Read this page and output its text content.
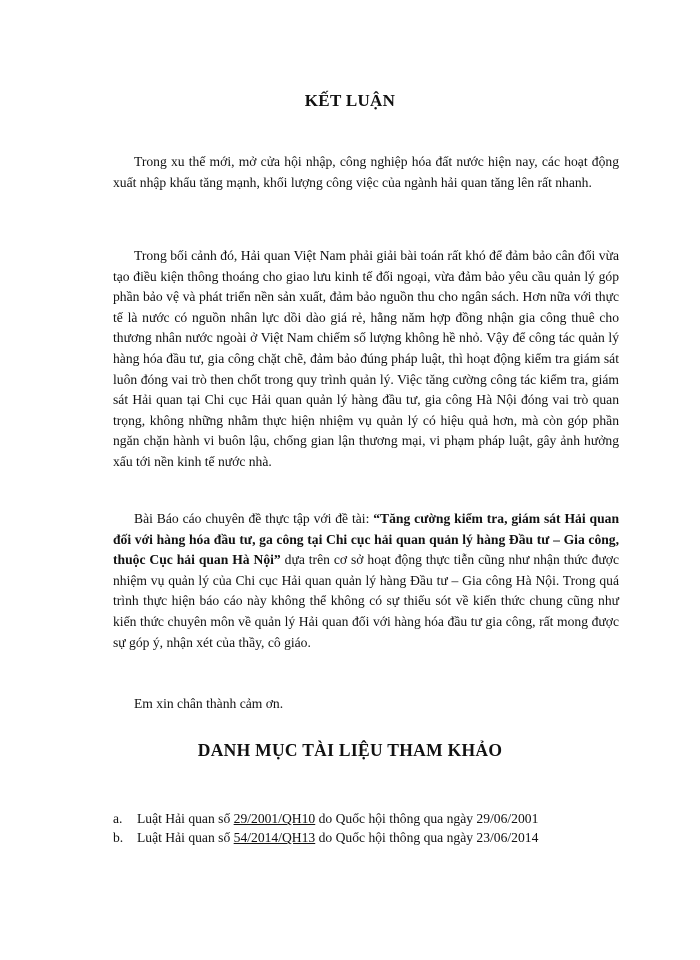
KẾT LUẬN

Trong xu thế mới, mở cửa hội nhập, công nghiệp hóa đất nước hiện nay, các hoạt động xuất nhập khẩu tăng mạnh, khối lượng công việc của ngành hải quan tăng lên rất nhanh.

Trong bối cảnh đó, Hải quan Việt Nam phải giải bài toán rất khó để đảm bảo cân đối vừa tạo điều kiện thông thoáng cho giao lưu kinh tế đối ngoại, vừa đảm bảo yêu cầu quản lý góp phần bảo vệ và phát triển nền sản xuất, đảm bảo nguồn thu cho ngân sách. Hơn nữa với thực tế là nước có nguồn nhân lực dồi dào giá rẻ, hằng năm hợp đồng nhận gia công thuê cho thương nhân nước ngoài ở Việt Nam chiếm số lượng không hề nhỏ. Vậy để công tác quản lý hàng hóa đầu tư, gia công chặt chẽ, đảm bảo đúng pháp luật, thì hoạt động kiểm tra giám sát luôn đóng vai trò then chốt trong quy trình quản lý. Việc tăng cường công tác kiểm tra, giám sát Hải quan tại Chi cục Hải quan quản lý hàng đầu tư, gia công Hà Nội đóng vai trò quan trọng, không những nhằm thực hiện nhiệm vụ quản lý có hiệu quả hơn, mà còn góp phần ngăn chặn hành vi buôn lậu, chống gian lận thương mại, vi phạm pháp luật, gây ảnh hưởng xấu tới nền kinh tế nước nhà.

Bài Báo cáo chuyên đề thực tập với đề tài: “Tăng cường kiểm tra, giám sát Hải quan đối với hàng hóa đầu tư, ga công tại Chi cục hải quan quản lý hàng Đầu tư – Gia công, thuộc Cục hải quan Hà Nội” dựa trên cơ sở hoạt động thực tiễn cũng như nhận thức được nhiệm vụ quản lý của Chi cục Hải quan quản lý hàng Đầu tư – Gia công Hà Nội. Trong quá trình thực hiện báo cáo này không thể không có sự thiếu sót về kiến thức chung cũng như kiến thức chuyên môn về quản lý Hải quan đối với hàng hóa đầu tư gia công, rất mong được sự góp ý, nhận xét của thầy, cô giáo.

Em xin chân thành cảm ơn.

DANH MỤC TÀI LIỆU THAM KHẢO
a.	Luật Hải quan số 29/2001/QH10 do Quốc hội thông qua ngày 29/06/2001
b.	Luật Hải quan số 54/2014/QH13 do Quốc hội thông qua ngày 23/06/2014
